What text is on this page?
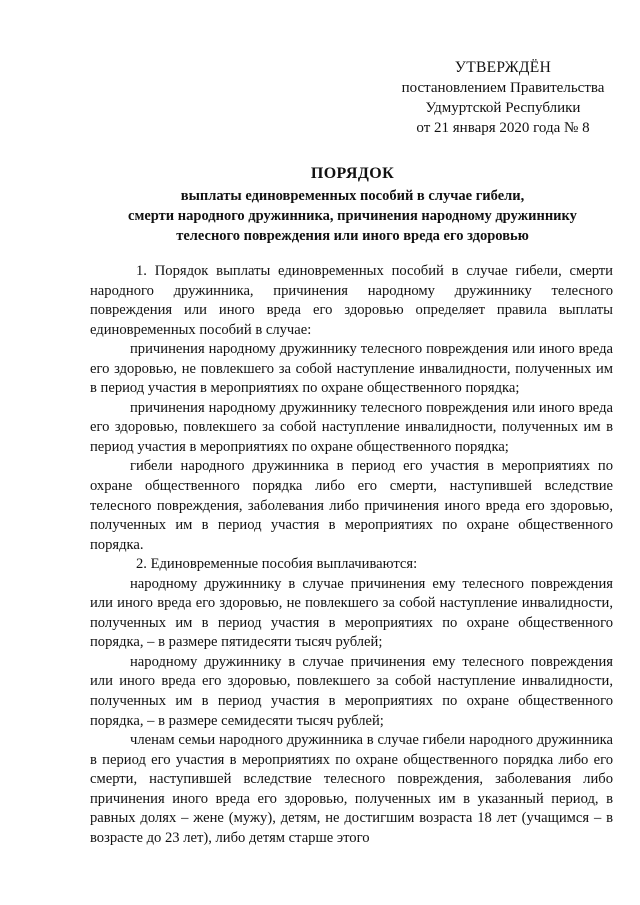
УТВЕРЖДЁН
постановлением Правительства
Удмуртской Республики
от 21 января 2020 года № 8
ПОРЯДОК
выплаты единовременных пособий в случае гибели,
смерти народного дружинника, причинения народному дружиннику
телесного повреждения или иного вреда его здоровью

1. Порядок выплаты единовременных пособий в случае гибели, смерти народного дружинника, причинения народному дружиннику телесного повреждения или иного вреда его здоровью определяет правила выплаты единовременных пособий в случае:

причинения народному дружиннику телесного повреждения или иного вреда его здоровью, не повлекшего за собой наступление инвалидности, полученных им в период участия в мероприятиях по охране общественного порядка;

причинения народному дружиннику телесного повреждения или иного вреда его здоровью, повлекшего за собой наступление инвалидности, полученных им в период участия в мероприятиях по охране общественного порядка;

гибели народного дружинника в период его участия в мероприятиях по охране общественного порядка либо его смерти, наступившей вследствие телесного повреждения, заболевания либо причинения иного вреда его здоровью, полученных им в период участия в мероприятиях по охране общественного порядка.

2. Единовременные пособия выплачиваются:

народному дружиннику в случае причинения ему телесного повреждения или иного вреда его здоровью, не повлекшего за собой наступление инвалидности, полученных им в период участия в мероприятиях по охране общественного порядка, – в размере пятидесяти тысяч рублей;

народному дружиннику в случае причинения ему телесного повреждения или иного вреда его здоровью, повлекшего за собой наступление инвалидности, полученных им в период участия в мероприятиях по охране общественного порядка, – в размере семидесяти тысяч рублей;

членам семьи народного дружинника в случае гибели народного дружинника в период его участия в мероприятиях по охране общественного порядка либо его смерти, наступившей вследствие телесного повреждения, заболевания либо причинения иного вреда его здоровью, полученных им в указанный период, в равных долях – жене (мужу), детям, не достигшим возраста 18 лет (учащимся – в возрасте до 23 лет), либо детям старше этого
